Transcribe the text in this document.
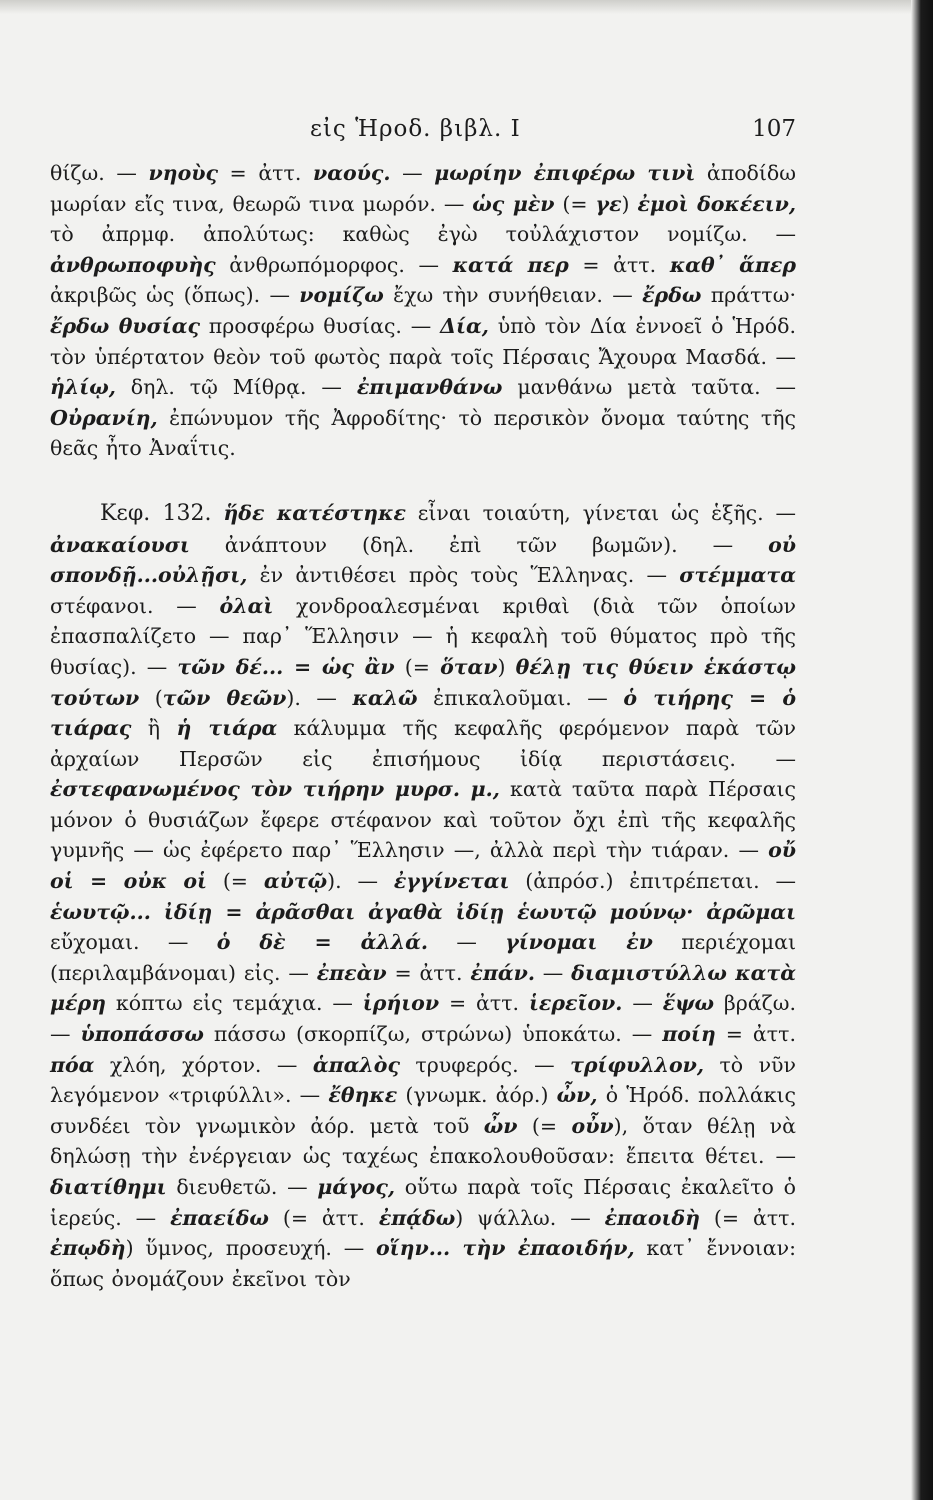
εἰς Ἡροδ. βιβλ. Ι	107

θίζω. — νηοὺς = ἀττ. ναούς. — μωρίην ἐπιφέρω τινὶ ἀποδίδω μωρίαν εἴς τινα, θεωρῶ τινα μωρόν. — ὡς μὲν (= γε) ἐμοὶ δοκέειν, τὸ ἀπρμφ. ἀπολύτως: καθὼς ἐγὼ τοὐλάχιστον νομίζω. — ἀνθρωποφυὴς ἀνθρωπόμορφος. — κατά περ = ἀττ. καθ᾽ ἅπερ ἀκριβῶς ὡς (ὅπως). — νομίζω ἔχω τὴν συνήθειαν. — ἔρδω πράττω· ἔρδω θυσίας προσφέρω θυσίας. — Δία, ὑπὸ τὸν Δία ἐννοεῖ ὁ Ἡρόδ. τὸν ὑπέρτατον θεὸν τοῦ φωτὸς παρὰ τοῖς Πέρσαις Ἄχουρα Μασδά. — ἡλίῳ, δηλ. τῷ Μίθρᾳ. — ἐπιμανθάνω μανθάνω μετὰ ταῦτα. — Οὐρανίη, ἐπώνυμον τῆς Ἀφροδίτης· τὸ περσικὸν ὄνομα ταύτης τῆς θεᾶς ἦτο Ἀναΐτις.

Κεφ. 132. ἥδε κατέστηκε εἶναι τοιαύτη, γίνεται ὡς ἑξῆς. — ἀνακαίουσι ἀνάπτουν (δηλ. ἐπὶ τῶν βωμῶν). — οὐ σπονδῇ...οὐλῇσι, ἐν ἀντιθέσει πρὸς τοὺς Ἕλληνας. — στέμματα στέφανοι. — ὀλαὶ χονδροαλεσμέναι κριθαὶ (διὰ τῶν ὁποίων ἐπασπαλίζετο — παρ᾽ Ἕλλησιν — ἡ κεφαλὴ τοῦ θύματος πρὸ τῆς θυσίας). — τῶν δέ... = ὡς ἂν (= ὅταν) θέλῃ τις θύειν ἑκάστῳ τούτων (τῶν θεῶν). — καλῶ ἐπικαλοῦμαι. — ὁ τιήρης = ὁ τιάρας ἢ ἡ τιάρα κάλυμμα τῆς κεφαλῆς φερόμενον παρὰ τῶν ἀρχαίων Περσῶν εἰς ἐπισήμους ἰδίᾳ περιστάσεις. — ἐστεφανωμένος τὸν τιήρην μυρσ. μ., κατὰ ταῦτα παρὰ Πέρσαις μόνον ὁ θυσιάζων ἔφερε στέφανον καὶ τοῦτον ὄχι ἐπὶ τῆς κεφαλῆς γυμνῆς — ὡς ἐφέρετο παρ᾽ Ἕλλησιν —, ἀλλὰ περὶ τὴν τιάραν. — οὔ οἱ = οὐκ οἱ (= αὐτῷ). — ἐγγίνεται (ἀπρόσ.) ἐπιτρέπεται. — ἑωυτῷ... ἰδίῃ = ἀρᾶσθαι ἀγαθὰ ἰδίῃ ἑωυτῷ μούνῳ· ἀρῶμαι εὔχομαι. — ὁ δὲ = ἀλλά. — γίνομαι ἐν περιέχομαι (περιλαμβάνομαι) εἰς. — ἐπεὰν = ἀττ. ἐπάν. — διαμιστύλλω κατὰ μέρη κόπτω εἰς τεμάχια. — ἱρήιον = ἀττ. ἱερεῖον. — ἕψω βράζω. — ὑποπάσσω πάσσω (σκορπίζω, στρώνω) ὑποκάτω. — ποίη = ἀττ. πόα χλόη, χόρτον. — ἁπαλὸς τρυφερός. — τρίφυλλον, τὸ νῦν λεγόμενον «τριφύλλι». — ἔθηκε (γνωμκ. ἀόρ.) ὦν, ὁ Ἡρόδ. πολλάκις συνδέει τὸν γνωμικὸν ἀόρ. μετὰ τοῦ ὦν (= οὖν), ὅταν θέλῃ νὰ δηλώσῃ τὴν ἐνέργειαν ὡς ταχέως ἐπακολουθοῦσαν: ἔπειτα θέτει. — διατίθημι διευθετῶ. — μάγος, οὕτω παρὰ τοῖς Πέρσαις ἐκαλεῖτο ὁ ἱερεύς. — ἐπαείδω (= ἀττ. ἐπᾴδω) ψάλλω. — ἐπαοιδὴ (= ἀττ. ἐπῳδὴ) ὕμνος, προσευχή. — οἵην... τὴν ἐπαοιδήν, κατ᾽ ἔννοιαν: ὅπως ὀνομάζουν ἐκεῖνοι τὸν
